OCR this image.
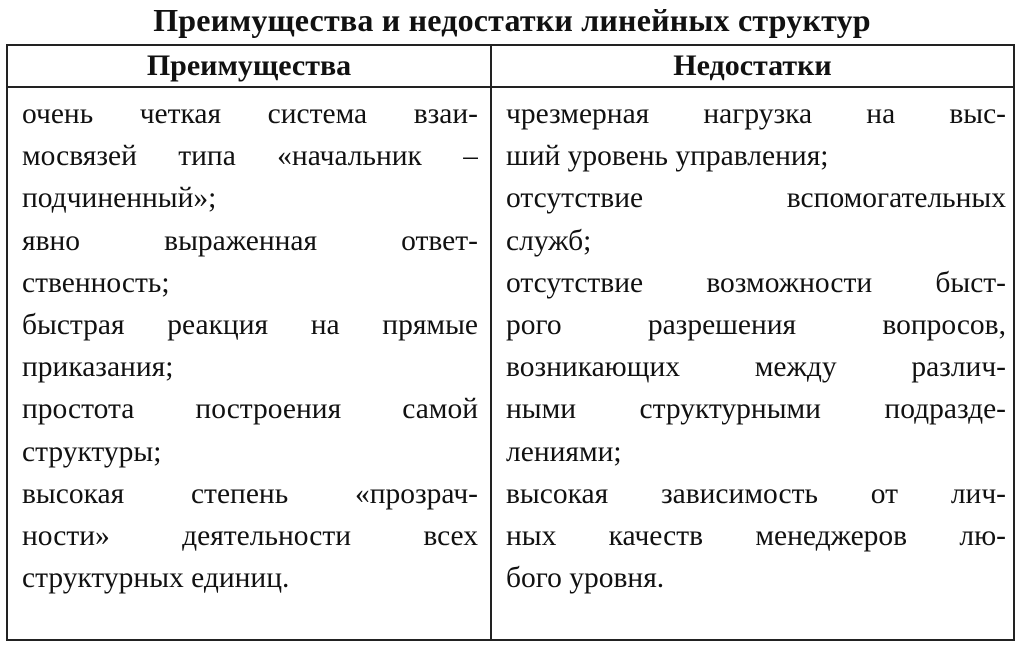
Преимущества и недостатки линейных структур
Преимущества	Недостатки
очень четкая система взаи-
мосвязей типа «начальник –
подчиненный»;
явно выраженная ответ-
ственность;
быстрая реакция на прямые
приказания;
простота построения самой
структуры;
высокая степень «прозрач-
ности» деятельности всех
структурных единиц.
чрезмерная нагрузка на выс-
ший уровень управления;
отсутствие вспомогательных
служб;
отсутствие возможности быст-
рого разрешения вопросов,
возникающих между различ-
ными структурными подразде-
лениями;
высокая зависимость от лич-
ных качеств менеджеров лю-
бого уровня.
